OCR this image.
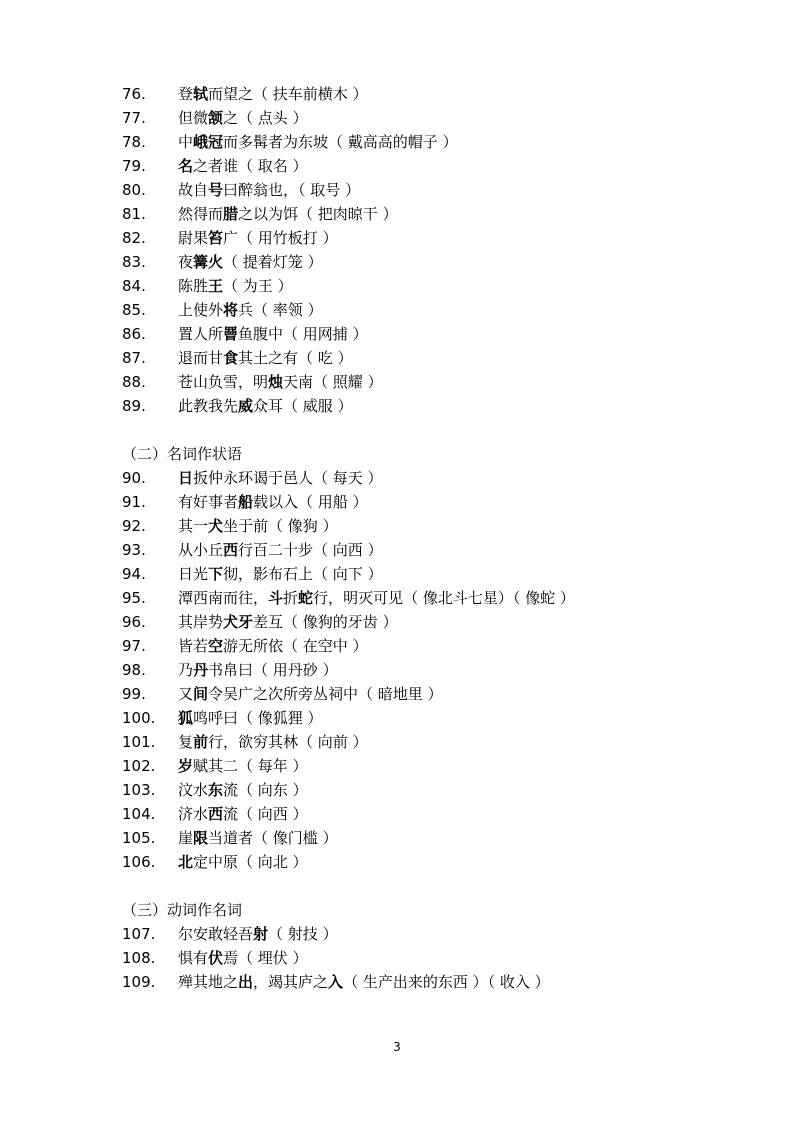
76. 登轼而望之（ 扶车前横木 ）
77. 但微颔之（ 点头 ）
78. 中峨冠而多髯者为东坡（ 戴高高的帽子 ）
79. 名之者谁（ 取名 ）
80. 故自号曰醉翁也，（ 取号 ）
81. 然得而腊之以为饵（ 把肉晾干 ）
82. 尉果笞广（ 用竹板打 ）
83. 夜篝火（ 提着灯笼 ）
84. 陈胜王（ 为王 ）
85. 上使外将兵（ 率领 ）
86. 置人所罾鱼腹中（ 用网捕 ）
87. 退而甘食其土之有（ 吃 ）
88. 苍山负雪，明烛天南（ 照耀 ）
89. 此教我先威众耳（ 威服 ）
（二）名词作状语
90. 日扳仲永环谒于邑人（ 每天 ）
91. 有好事者船载以入（ 用船 ）
92. 其一犬坐于前（ 像狗 ）
93. 从小丘西行百二十步（ 向西 ）
94. 日光下彻，影布石上（ 向下 ）
95. 潭西南而往，斗折蛇行，明灭可见（ 像北斗七星）（ 像蛇 ）
96. 其岸势犬牙差互（ 像狗的牙齿 ）
97. 皆若空游无所依（ 在空中 ）
98. 乃丹书帛曰（ 用丹砂 ）
99. 又间令吴广之次所旁丛祠中（ 暗地里 ）
100. 狐鸣呼曰（ 像狐狸 ）
101. 复前行，欲穷其林（ 向前 ）
102. 岁赋其二（ 每年 ）
103. 汶水东流（ 向东 ）
104. 济水西流（ 向西 ）
105. 崖限当道者（ 像门槛 ）
106. 北定中原（ 向北 ）
（三）动词作名词
107. 尔安敢轻吾射（ 射技 ）
108. 惧有伏焉（ 埋伏 ）
109. 殚其地之出，竭其庐之入（ 生产出来的东西 ）（ 收入 ）
3
